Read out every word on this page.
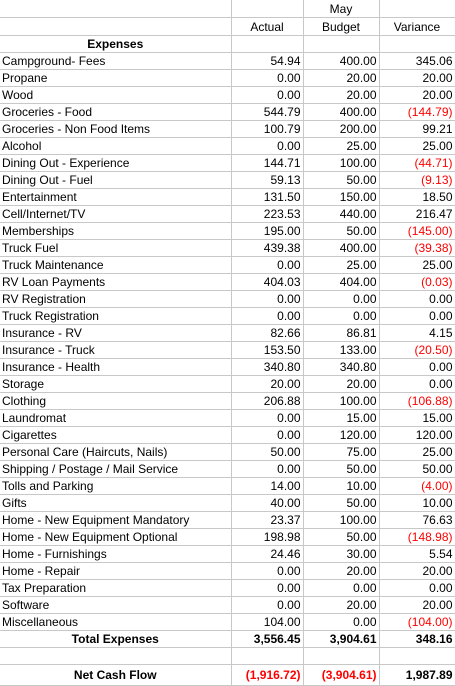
		May	
	Actual	Budget	Variance
Expenses			
Campground- Fees	54.94	400.00	345.06
Propane	0.00	20.00	20.00
Wood	0.00	20.00	20.00
Groceries - Food	544.79	400.00	(144.79)
Groceries - Non Food Items	100.79	200.00	99.21
Alcohol	0.00	25.00	25.00
Dining Out - Experience	144.71	100.00	(44.71)
Dining Out - Fuel	59.13	50.00	(9.13)
Entertainment	131.50	150.00	18.50
Cell/Internet/TV	223.53	440.00	216.47
Memberships	195.00	50.00	(145.00)
Truck Fuel	439.38	400.00	(39.38)
Truck Maintenance	0.00	25.00	25.00
RV Loan Payments	404.03	404.00	(0.03)
RV Registration	0.00	0.00	0.00
Truck Registration	0.00	0.00	0.00
Insurance - RV	82.66	86.81	4.15
Insurance - Truck	153.50	133.00	(20.50)
Insurance - Health	340.80	340.80	0.00
Storage	20.00	20.00	0.00
Clothing	206.88	100.00	(106.88)
Laundromat	0.00	15.00	15.00
Cigarettes	0.00	120.00	120.00
Personal Care (Haircuts, Nails)	50.00	75.00	25.00
Shipping / Postage / Mail Service	0.00	50.00	50.00
Tolls and Parking	14.00	10.00	(4.00)
Gifts	40.00	50.00	10.00
Home - New Equipment Mandatory	23.37	100.00	76.63
Home - New Equipment Optional	198.98	50.00	(148.98)
Home - Furnishings	24.46	30.00	5.54
Home - Repair	0.00	20.00	20.00
Tax Preparation	0.00	0.00	0.00
Software	0.00	20.00	20.00
Miscellaneous	104.00	0.00	(104.00)
Total Expenses	3,556.45	3,904.61	348.16

Net Cash Flow	(1,916.72)	(3,904.61)	1,987.89
